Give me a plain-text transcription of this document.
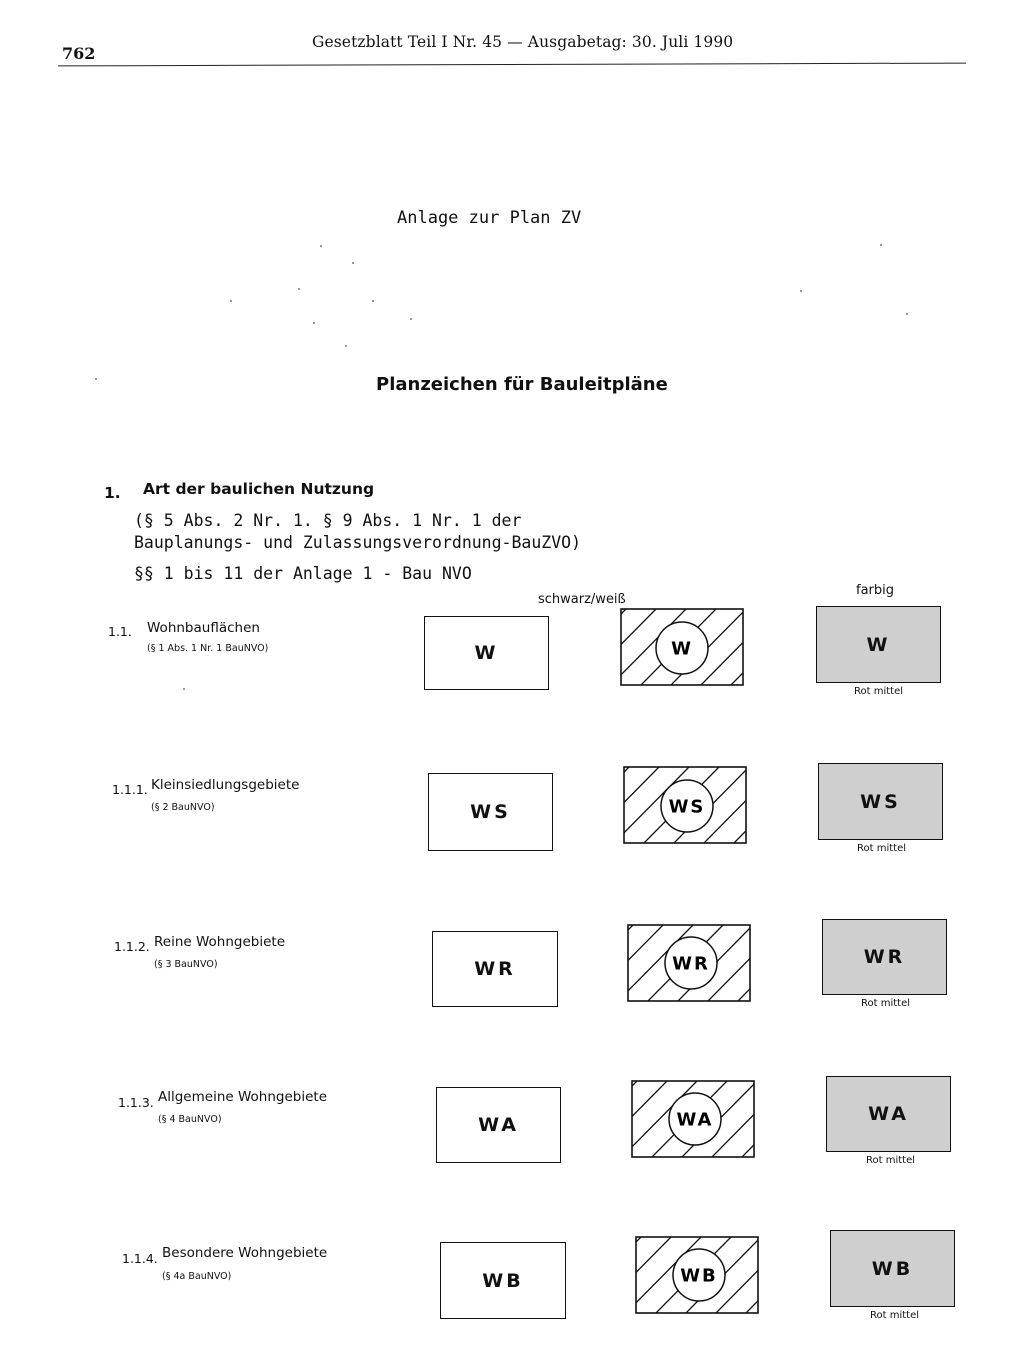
762
Gesetzblatt Teil I Nr. 45 — Ausgabetag: 30. Juli 1990
Anlage zur Plan ZV
Planzeichen für Bauleitpläne
1. Art der baulichen Nutzung
(§ 5 Abs. 2 Nr. 1. § 9 Abs. 1 Nr. 1 der
Bauplanungs- und Zulassungsverordnung-BauZVO)
§§ 1 bis 11 der Anlage 1 - Bau NVO
schwarz/weiß
farbig
1.1. Wohnbauflächen
(§ 1 Abs. 1 Nr. 1 BauNVO)	W	W	W
Rot mittel
1.1.1. Kleinsiedlungsgebiete
(§ 2 BauNVO)	WS	WS	WS
Rot mittel
1.1.2. Reine Wohngebiete
(§ 3 BauNVO)	WR	WR	WR
Rot mittel
1.1.3. Allgemeine Wohngebiete
(§ 4 BauNVO)	WA	WA	WA
Rot mittel
1.1.4. Besondere Wohngebiete
(§ 4a BauNVO)	WB	WB	WB
Rot mittel
